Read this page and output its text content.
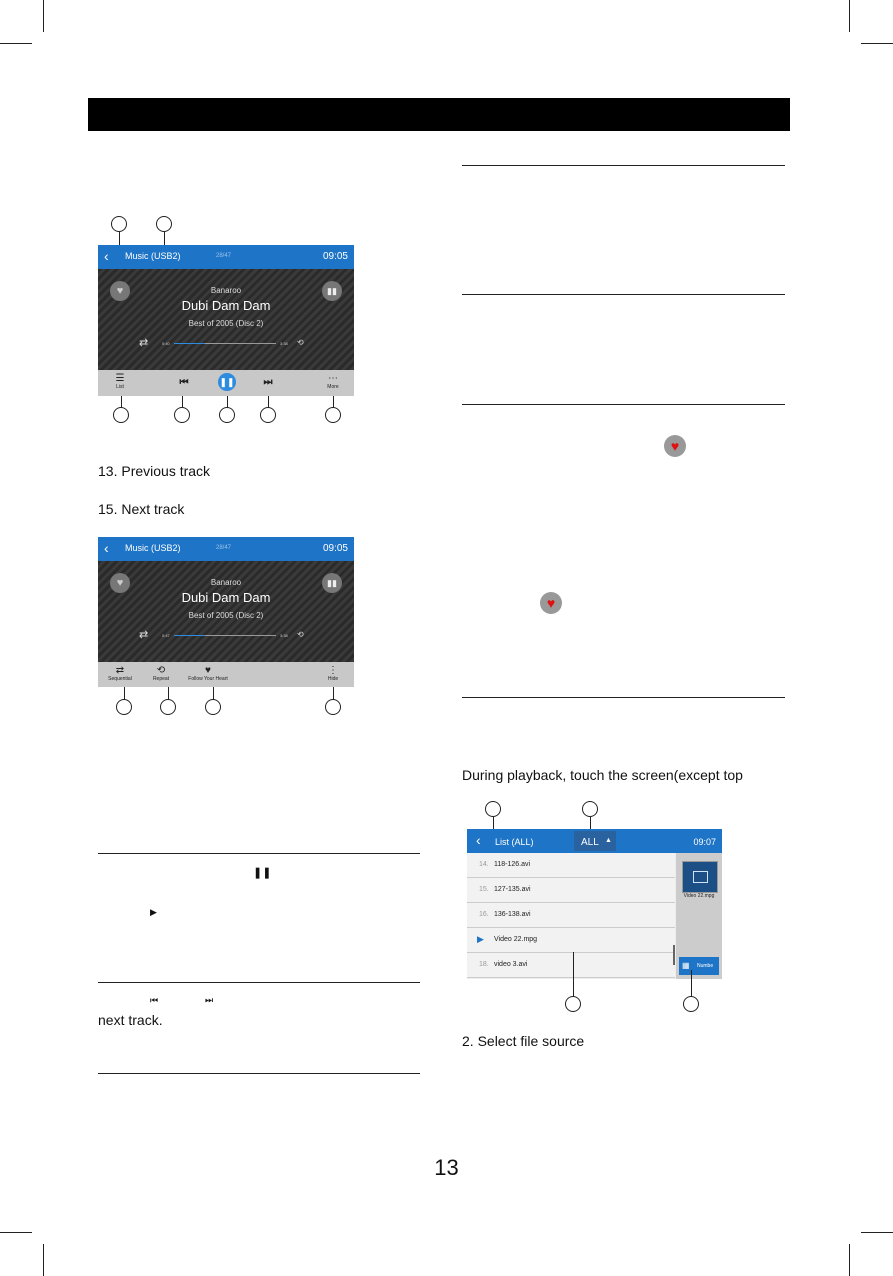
‹ Music (USB2)	28/47	09:05
♥	▮▮
Banaroo
Dubi Dam Dam
Best of 2005 (Disc 2)
⇄	0:40	3:38 ⟲
☰
List	⏮	❚❚	⏭	⋯
More
13. Previous track
15. Next track
‹ Music (USB2)	28/47	09:05
♥	▮▮
Banaroo
Dubi Dam Dam
Best of 2005 (Disc 2)
⇄	0:47	3:38 ⟲
⇄
Sequential
⟲
Repeat
♥
Follow Your Heart
⋮
Hide
♥
♥
During playback, touch the screen(except top
‹ List (ALL)	ALL ▲	09:07
14. 118-126.avi
15. 127-135.avi
16. 136-138.avi
▶ Video 22.mpg
18. video 3.avi
Video 22.mpg
▦ Numbe
2. Select file source
❚❚
▶
⏮	⏭
next track.
13
